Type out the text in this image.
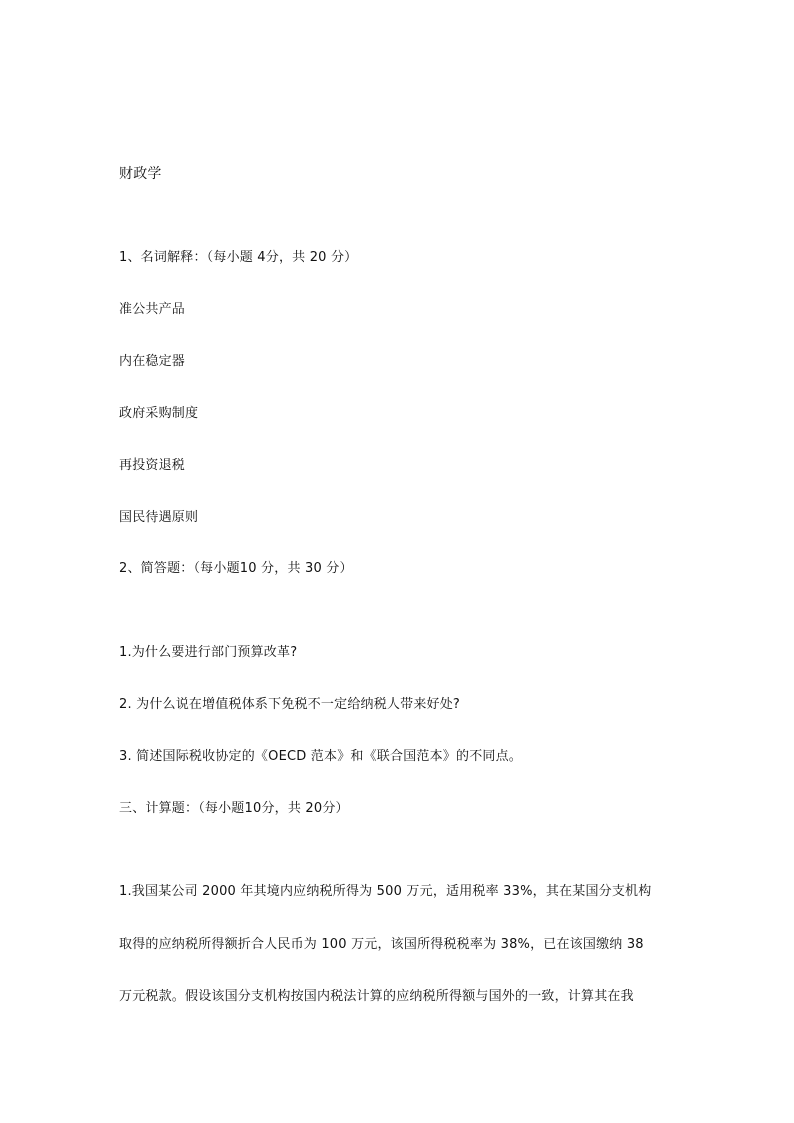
财政学
1、名词解释：（每小题 4分，共 20 分）
准公共产品
内在稳定器
政府采购制度
再投资退税
国民待遇原则
2、简答题：（每小题10 分，共 30 分）
1.为什么要进行部门预算改革?
2. 为什么说在增值税体系下免税不一定给纳税人带来好处?
3. 简述国际税收协定的《OECD 范本》和《联合国范本》的不同点。
三、计算题：（每小题10分，共 20分）
1.我国某公司 2000 年其境内应纳税所得为 500 万元，适用税率 33%，其在某国分支机构
取得的应纳税所得额折合人民币为 100 万元，该国所得税税率为 38%，已在该国缴纳 38
万元税款。假设该国分支机构按国内税法计算的应纳税所得额与国外的一致，计算其在我
